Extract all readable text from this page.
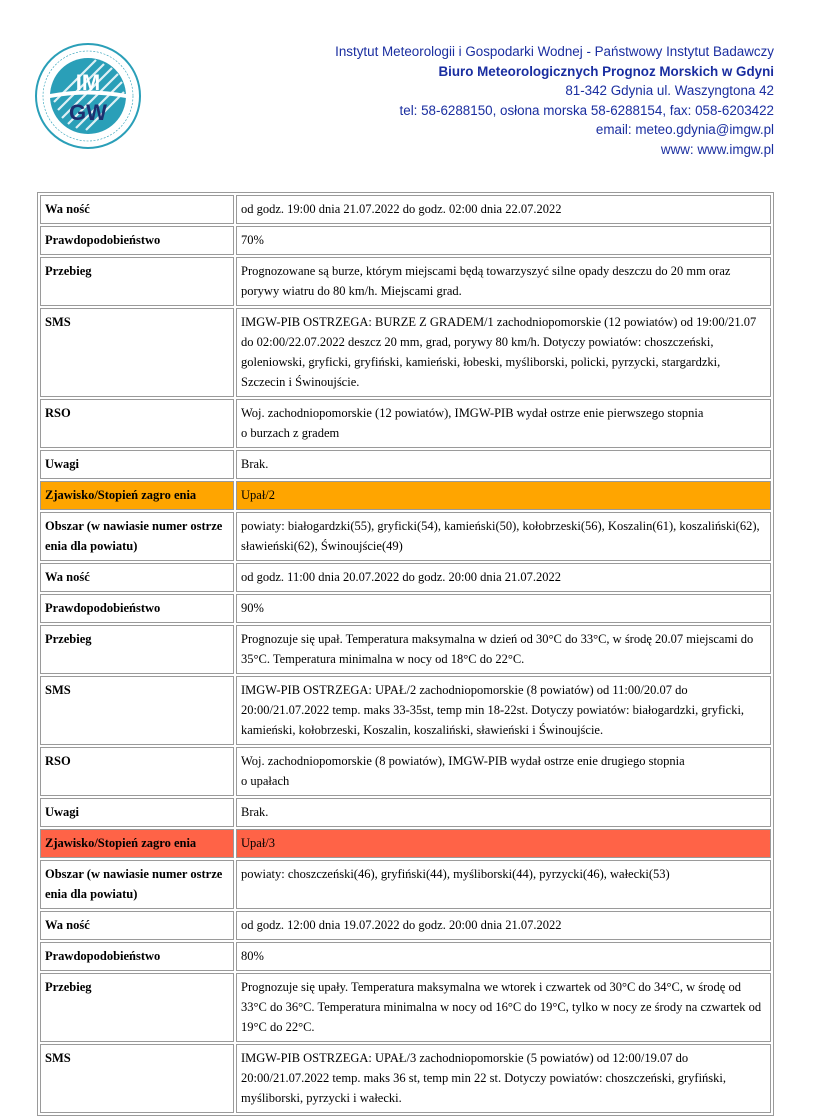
IM
GW
Instytut Meteorologii i Gospodarki Wodnej - Państwowy Instytut Badawczy
Biuro Meteorologicznych Prognoz Morskich w Gdyni
81-342 Gdynia ul. Waszyngtona 42
tel: 58-6288150, osłona morska 58-6288154, fax: 058-6203422
email: meteo.gdynia@imgw.pl
www: www.imgw.pl
Wa ność	od godz. 19:00 dnia 21.07.2022 do godz. 02:00 dnia 22.07.2022
Prawdopodobieństwo	70%
Przebieg	Prognozowane są burze, którym miejscami będą towarzyszyć silne opady deszczu do 20 mm oraz porywy wiatru do 80 km/h. Miejscami grad.
SMS	IMGW-PIB OSTRZEGA: BURZE Z GRADEM/1 zachodniopomorskie (12 powiatów) od 19:00/21.07 do 02:00/22.07.2022 deszcz 20 mm, grad, porywy 80 km/h. Dotyczy powiatów: choszczeński, goleniowski, gryficki, gryfiński, kamieński, łobeski, myśliborski, policki, pyrzycki, stargardzki, Szczecin i Świnoujście.
RSO	Woj. zachodniopomorskie (12 powiatów), IMGW-PIB wydał ostrze enie pierwszego stopnia
o burzach z gradem

Uwagi	Brak.
Zjawisko/Stopień zagro enia	Upał/2
Obszar (w nawiasie numer ostrze enia dla powiatu)	powiaty: białogardzki(55), gryficki(54), kamieński(50), kołobrzeski(56), Koszalin(61), koszaliński(62), sławieński(62), Świnoujście(49)
Wa ność	od godz. 11:00 dnia 20.07.2022 do godz. 20:00 dnia 21.07.2022
Prawdopodobieństwo	90%
Przebieg	Prognozuje się upał. Temperatura maksymalna w dzień od 30°C do 33°C, w środę 20.07 miejscami do 35°C. Temperatura minimalna w nocy od 18°C do 22°C.
SMS	IMGW-PIB OSTRZEGA: UPAŁ/2 zachodniopomorskie (8 powiatów) od 11:00/20.07 do 20:00/21.07.2022 temp. maks 33-35st, temp min 18-22st. Dotyczy powiatów: białogardzki, gryficki, kamieński, kołobrzeski, Koszalin, koszaliński, sławieński i Świnoujście.
RSO	Woj. zachodniopomorskie (8 powiatów), IMGW-PIB wydał ostrze enie drugiego stopnia
o upałach

Uwagi	Brak.
Zjawisko/Stopień zagro enia	Upał/3
Obszar (w nawiasie numer ostrze enia dla powiatu)	powiaty: choszczeński(46), gryfiński(44), myśliborski(44), pyrzycki(46), wałecki(53)
Wa ność	od godz. 12:00 dnia 19.07.2022 do godz. 20:00 dnia 21.07.2022
Prawdopodobieństwo	80%
Przebieg	Prognozuje się upały. Temperatura maksymalna we wtorek i czwartek od 30°C do 34°C, w środę od 33°C do 36°C. Temperatura minimalna w nocy od 16°C do 19°C, tylko w nocy ze środy na czwartek od 19°C do 22°C.
SMS	IMGW-PIB OSTRZEGA: UPAŁ/3 zachodniopomorskie (5 powiatów) od 12:00/19.07 do 20:00/21.07.2022 temp. maks 36 st, temp min 22 st. Dotyczy powiatów: choszczeński, gryfiński, myśliborski, pyrzycki i wałecki.
